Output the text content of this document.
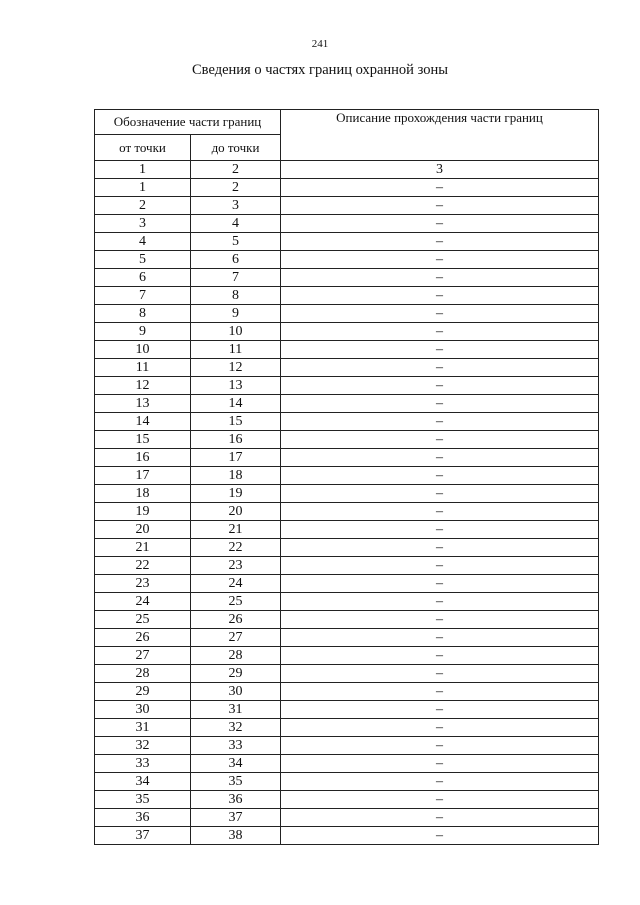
241
Сведения о частях границ охранной зоны
Обозначение части границ		Описание прохождения части границ
от точки	до точки	
1	2	3
1	2	–
2	3	–
3	4	–
4	5	–
5	6	–
6	7	–
7	8	–
8	9	–
9	10	–
10	11	–
11	12	–
12	13	–
13	14	–
14	15	–
15	16	–
16	17	–
17	18	–
18	19	–
19	20	–
20	21	–
21	22	–
22	23	–
23	24	–
24	25	–
25	26	–
26	27	–
27	28	–
28	29	–
29	30	–
30	31	–
31	32	–
32	33	–
33	34	–
34	35	–
35	36	–
36	37	–
37	38	–
